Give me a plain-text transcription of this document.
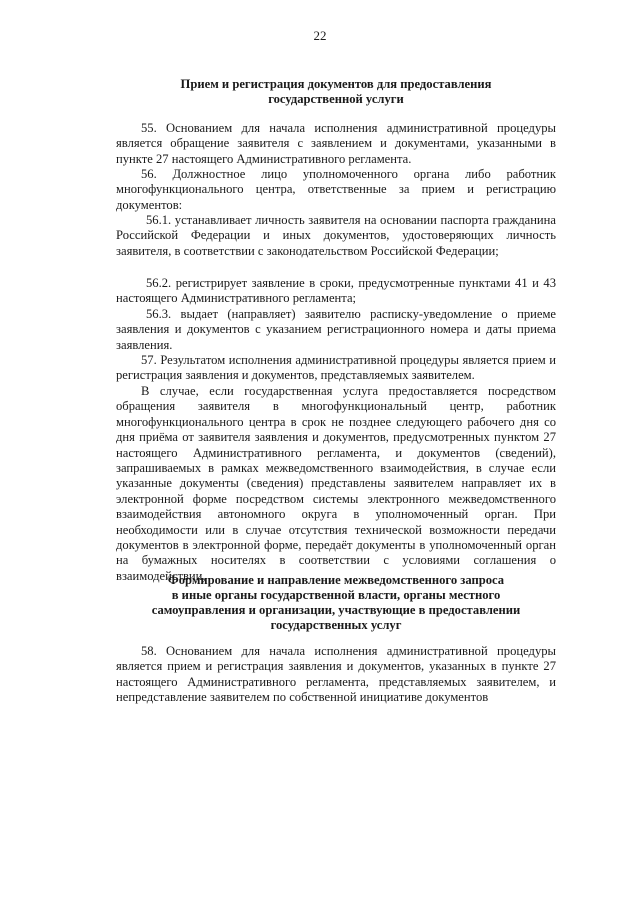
22
Прием и регистрация документов для предоставления
государственной услуги

55. Основанием для начала исполнения административной процедуры является обращение заявителя с заявлением и документами, указанными в пункте 27 настоящего Административного регламента.

56. Должностное лицо уполномоченного органа либо работник многофункционального центра, ответственные за прием и регистрацию документов:

56.1. устанавливает личность заявителя на основании паспорта гражданина Российской Федерации и иных документов, удостоверяющих личность заявителя, в соответствии с законодательством Российской Федерации;

56.2. регистрирует заявление в сроки, предусмотренные пунктами 41 и 43 настоящего Административного регламента;

56.3. выдает (направляет) заявителю расписку-уведомление о приеме заявления и документов с указанием регистрационного номера и даты приема заявления.

57. Результатом исполнения административной процедуры является прием и регистрация заявления и документов, представляемых заявителем.

В случае, если государственная услуга предоставляется посредством обращения заявителя в многофункциональный центр, работник многофункционального центра в срок не позднее следующего рабочего дня со дня приёма от заявителя заявления и документов, предусмотренных пунктом 27 настоящего Административного регламента, и документов (сведений), запрашиваемых в рамках межведомственного взаимодействия, в случае если указанные документы (сведения) представлены заявителем направляет их в электронной форме посредством системы электронного межведомственного взаимодействия автономного округа в уполномоченный орган. При необходимости или в случае отсутствия технической возможности передачи документов в электронной форме, передаёт документы в уполномоченный орган на бумажных носителях в соответствии с условиями соглашения о взаимодействии.

Формирование и направление межведомственного запроса
в иные органы государственной власти, органы местного
самоуправления и организации, участвующие в предоставлении
государственных услуг

58. Основанием для начала исполнения административной процедуры является прием и регистрация заявления и документов, указанных в пункте 27 настоящего Административного регламента, представляемых заявителем, и непредставление заявителем по собственной инициативе документов
